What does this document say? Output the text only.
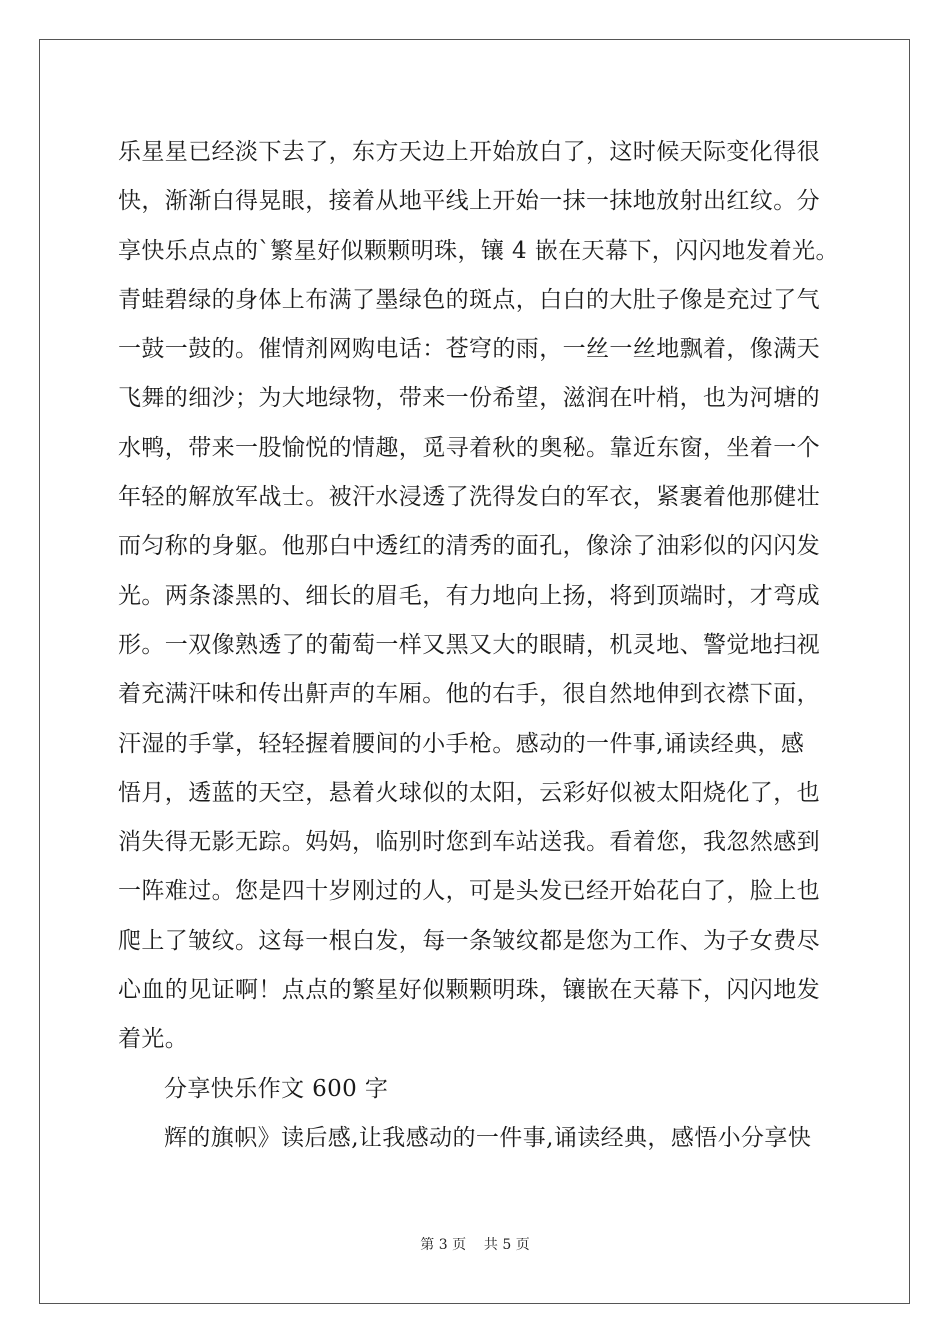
乐星星已经淡下去了，东方天边上开始放白了，这时候天际变化得很
快，渐渐白得晃眼，接着从地平线上开始一抹一抹地放射出红纹。分
享快乐点点的`繁星好似颗颗明珠，镶 4 嵌在天幕下，闪闪地发着光。
青蛙碧绿的身体上布满了墨绿色的斑点，白白的大肚子像是充过了气
一鼓一鼓的。催情剂网购电话：苍穹的雨，一丝一丝地飘着，像满天
飞舞的细沙；为大地绿物，带来一份希望，滋润在叶梢，也为河塘的
水鸭，带来一股愉悦的情趣，觅寻着秋的奥秘。靠近东窗，坐着一个
年轻的解放军战士。被汗水浸透了洗得发白的军衣，紧裹着他那健壮
而匀称的身躯。他那白中透红的清秀的面孔，像涂了油彩似的闪闪发
光。两条漆黑的、细长的眉毛，有力地向上扬，将到顶端时，才弯成
形。一双像熟透了的葡萄一样又黑又大的眼睛，机灵地、警觉地扫视
着充满汗味和传出鼾声的车厢。他的右手，很自然地伸到衣襟下面，
汗湿的手掌，轻轻握着腰间的小手枪。感动的一件事,诵读经典，感
悟月，透蓝的天空，悬着火球似的太阳，云彩好似被太阳烧化了，也
消失得无影无踪。妈妈，临别时您到车站送我。看着您，我忽然感到
一阵难过。您是四十岁刚过的人，可是头发已经开始花白了，脸上也
爬上了皱纹。这每一根白发，每一条皱纹都是您为工作、为子女费尽
心血的见证啊！点点的繁星好似颗颗明珠，镶嵌在天幕下，闪闪地发
着光。
分享快乐作文 600 字
辉的旗帜》读后感,让我感动的一件事,诵读经典，感悟小分享快
第 3 页    共 5 页
